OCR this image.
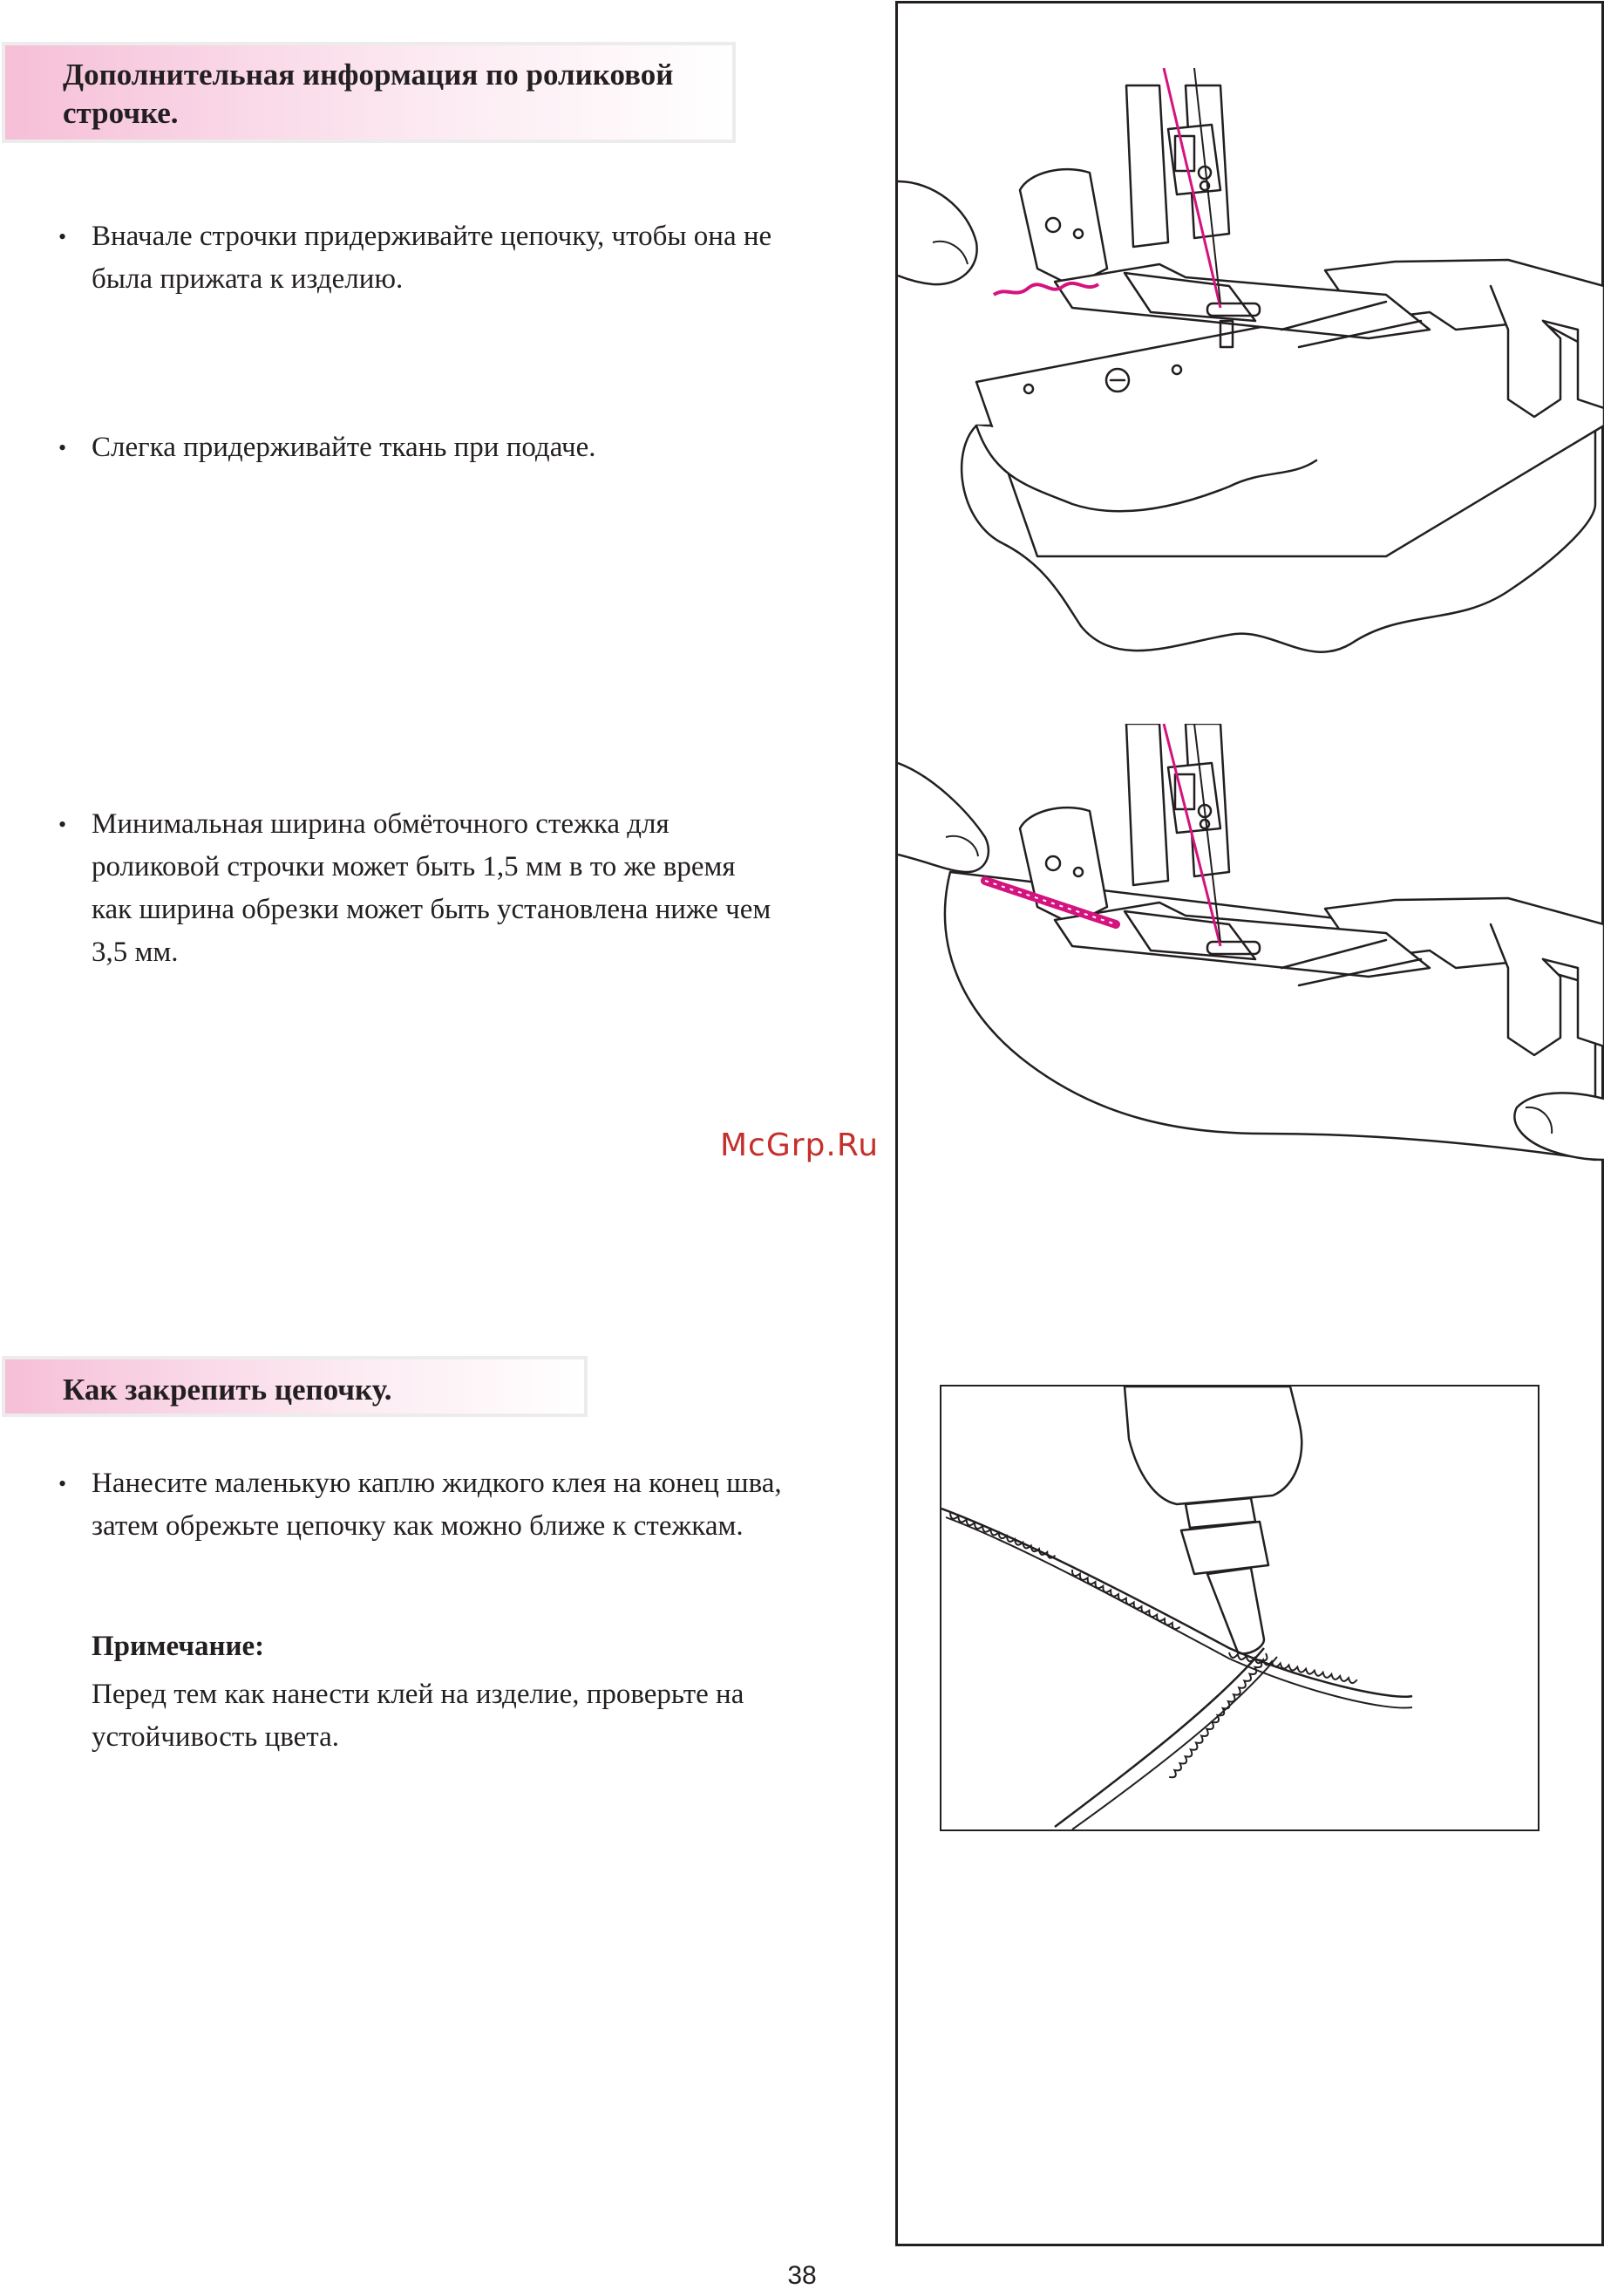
Дополнительная информация по роликовой строчке.

• Вначале строчки придерживайте цепочку, чтобы она не была прижата к изделию.

• Слегка придерживайте ткань при подаче.

• Минимальная ширина обмёточного стежка для роликовой строчки может быть 1,5 мм в то же время как ширина обрезки может быть установлена ниже чем 3,5 мм.

Как закрепить цепочку.

• Нанесите маленькую каплю жидкого клея на конец шва, затем обрежьте цепочку как можно ближе к стежкам.

Примечание:

Перед тем как нанести клей на изделие, проверьте на устойчивость цвета.

McGrp.Ru
38
